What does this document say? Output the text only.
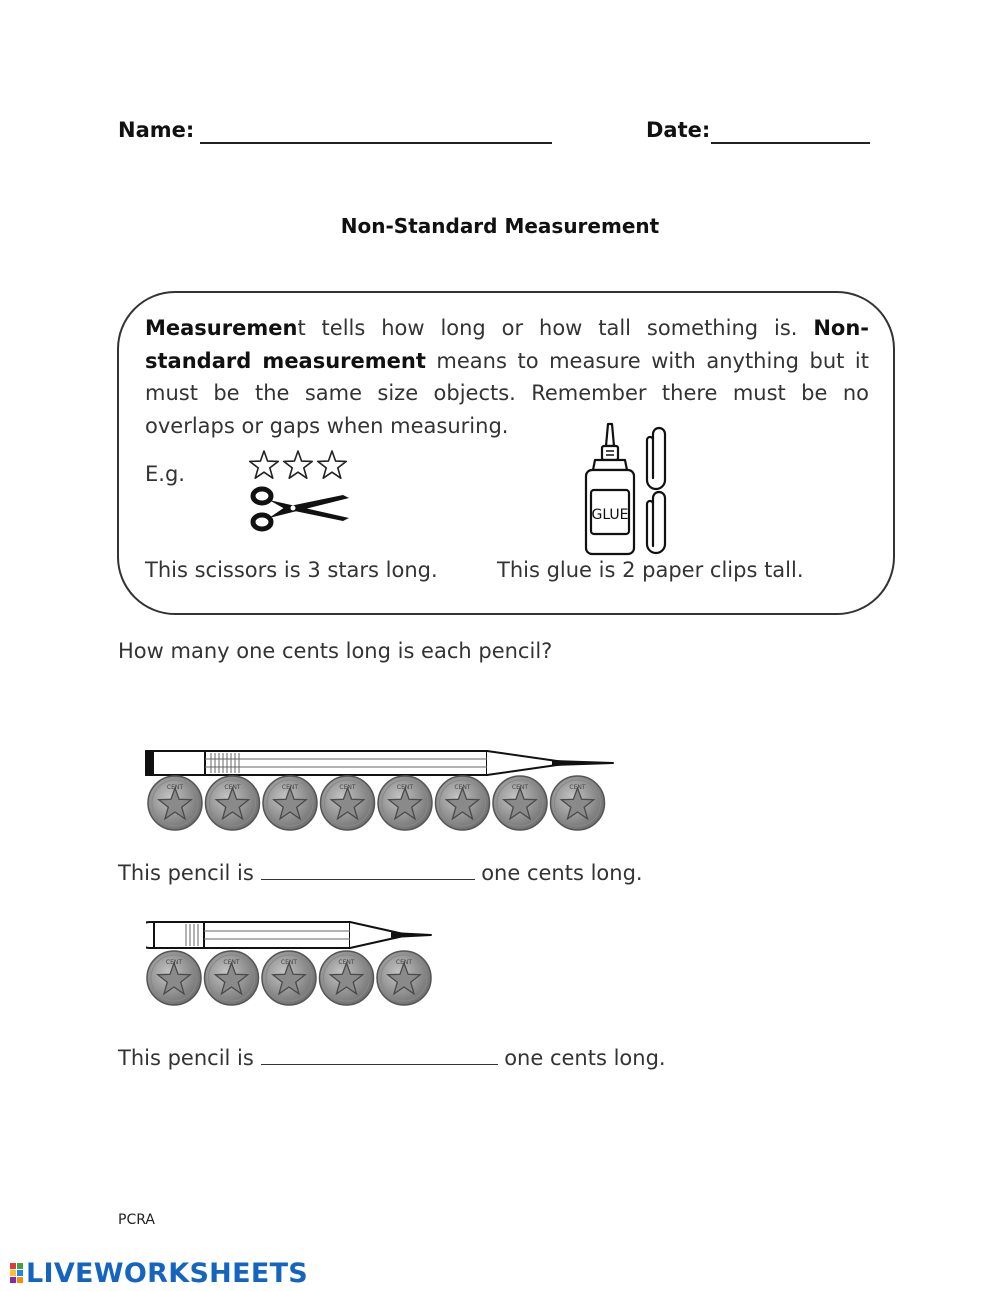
Name:	Date:
Non-Standard Measurement
Measurement tells how long or how tall something is. Non-standard measurement means to measure with anything but it must be the same size objects. Remember there must be no overlaps or gaps when measuring.
E.g.
GLUE
This scissors is 3 stars long.	This glue is 2 paper clips tall.
How many one cents long is each pencil?
CENT	CENT	CENT	CENT	CENT	CENT	CENT	CENT
This pencil is	one cents long.
CENT	CENT	CENT	CENT	CENT
This pencil is	one cents long.
PCRA
LIVEWORKSHEETS
